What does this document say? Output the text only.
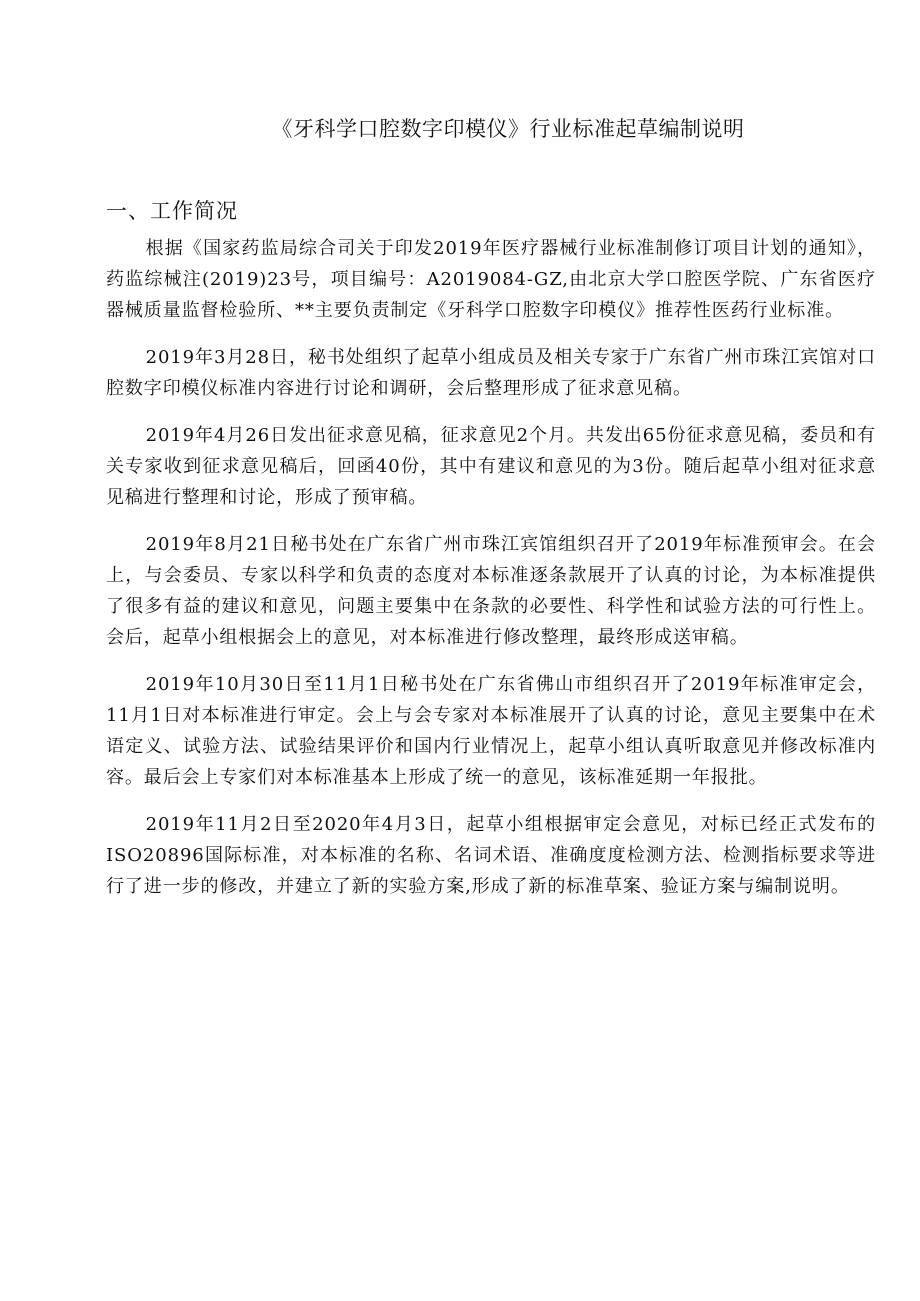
《牙科学口腔数字印模仪》行业标准起草编制说明
一、工作简况

根据《国家药监局综合司关于印发2019年医疗器械行业标准制修订项目计划的通知》，药监综械注(2019)23号，项目编号：A2019084-GZ,由北京大学口腔医学院、广东省医疗器械质量监督检验所、**主要负责制定《牙科学口腔数字印模仪》推荐性医药行业标准。

2019年3月28日，秘书处组织了起草小组成员及相关专家于广东省广州市珠江宾馆对口腔数字印模仪标准内容进行讨论和调研，会后整理形成了征求意见稿。

2019年4月26日发出征求意见稿，征求意见2个月。共发出65份征求意见稿，委员和有关专家收到征求意见稿后，回函40份，其中有建议和意见的为3份。随后起草小组对征求意见稿进行整理和讨论，形成了预审稿。

2019年8月21日秘书处在广东省广州市珠江宾馆组织召开了2019年标准预审会。在会上，与会委员、专家以科学和负责的态度对本标准逐条款展开了认真的讨论，为本标准提供了很多有益的建议和意见，问题主要集中在条款的必要性、科学性和试验方法的可行性上。会后，起草小组根据会上的意见，对本标准进行修改整理，最终形成送审稿。

2019年10月30日至11月1日秘书处在广东省佛山市组织召开了2019年标准审定会，11月1日对本标准进行审定。会上与会专家对本标准展开了认真的讨论，意见主要集中在术语定义、试验方法、试验结果评价和国内行业情况上，起草小组认真听取意见并修改标准内容。最后会上专家们对本标准基本上形成了统一的意见，该标准延期一年报批。

2019年11月2日至2020年4月3日，起草小组根据审定会意见，对标已经正式发布的ISO20896国际标准，对本标准的名称、名词术语、准确度度检测方法、检测指标要求等进行了进一步的修改，并建立了新的实验方案,形成了新的标准草案、验证方案与编制说明。
